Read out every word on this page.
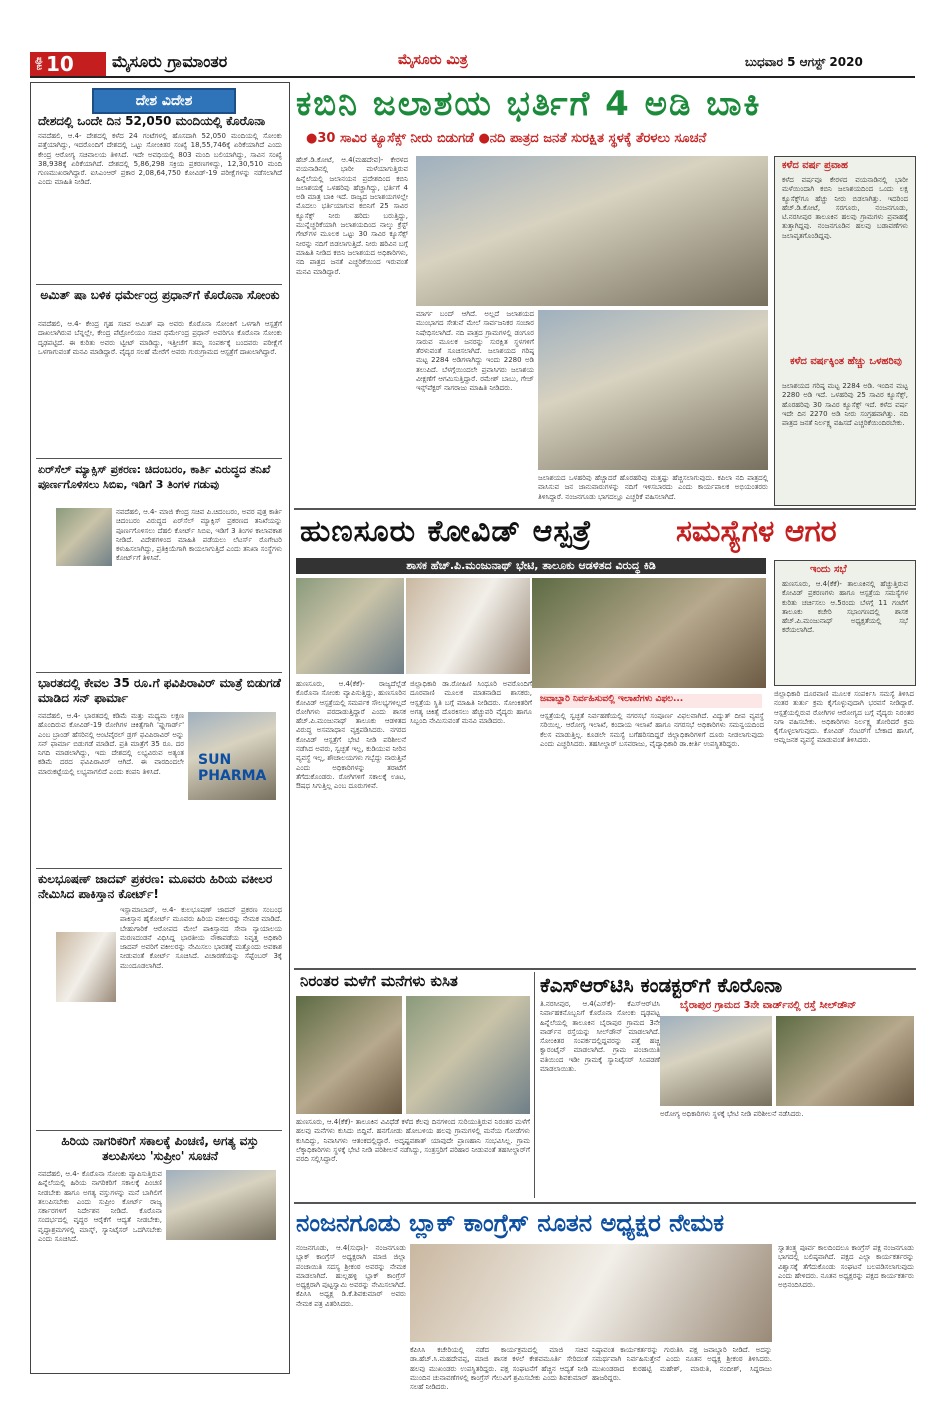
ಪುಟ 10 ಮೈಸೂರು ಗ್ರಾಮಾಂತರ	ಮೈಸೂರು ಮಿತ್ರ	ಬುಧವಾರ 5 ಆಗಸ್ಟ್ 2020
ದೇಶ ವಿದೇಶ
ದೇಶದಲ್ಲಿ ಒಂದೇ ದಿನ 52,050 ಮಂದಿಯಲ್ಲಿ ಕೊರೊನಾ
ನವದೆಹಲಿ, ಆ.4- ದೇಶದಲ್ಲಿ ಕಳೆದ 24 ಗಂಟೆಗಳಲ್ಲಿ ಹೊಸದಾಗಿ 52,050 ಮಂದಿಯಲ್ಲಿ ಸೋಂಕು ಪತ್ತೆಯಾಗಿದ್ದು, ಇದರೊಂದಿಗೆ ದೇಶದಲ್ಲಿ ಒಟ್ಟು ಸೋಂಕಿತರ ಸಂಖ್ಯೆ 18,55,746ಕ್ಕೆ ಏರಿಕೆಯಾಗಿದೆ ಎಂದು ಕೇಂದ್ರ ಆರೋಗ್ಯ ಸಚಿವಾಲಯ ತಿಳಿಸಿದೆ. ಇದೇ ಅವಧಿಯಲ್ಲಿ 803 ಮಂದಿ ಬಲಿಯಾಗಿದ್ದು, ಸಾವಿನ ಸಂಖ್ಯೆ 38,938ಕ್ಕೆ ಏರಿಕೆಯಾಗಿದೆ. ದೇಶದಲ್ಲಿ 5,86,298 ಸಕ್ರಿಯ ಪ್ರಕರಣಗಳಿದ್ದು, 12,30,510 ಮಂದಿ ಗುಣಮುಖರಾಗಿದ್ದಾರೆ. ಐಸಿಎಂಆರ್ ಪ್ರಕಾರ 2,08,64,750 ಕೋವಿಡ್-19 ಪರೀಕ್ಷೆಗಳನ್ನು ನಡೆಸಲಾಗಿದೆ ಎಂದು ಮಾಹಿತಿ ನೀಡಿದೆ.
ಅಮಿತ್ ಷಾ ಬಳಿಕ ಧರ್ಮೇಂದ್ರ ಪ್ರಧಾನ್‌ಗೆ ಕೊರೊನಾ ಸೋಂಕು
ನವದೆಹಲಿ, ಆ.4- ಕೇಂದ್ರ ಗೃಹ ಸಚಿವ ಅಮಿತ್ ಷಾ ಅವರು ಕೊರೊನಾ ಸೋಂಕಿಗೆ ಒಳಗಾಗಿ ಆಸ್ಪತ್ರೆಗೆ ದಾಖಲಾಗಿರುವ ಬೆನ್ನಲ್ಲೇ, ಕೇಂದ್ರ ಪೆಟ್ರೋಲಿಯಂ ಸಚಿವ ಧರ್ಮೇಂದ್ರ ಪ್ರಧಾನ್ ಅವರಿಗೂ ಕೊರೊನಾ ಸೋಂಕು ದೃಢಪಟ್ಟಿದೆ. ಈ ಕುರಿತು ಅವರು ಟ್ವೀಟ್ ಮಾಡಿದ್ದು, ಇತ್ತೀಚೆಗೆ ತಮ್ಮ ಸಂಪರ್ಕಕ್ಕೆ ಬಂದವರು ಪರೀಕ್ಷೆಗೆ ಒಳಗಾಗುವಂತೆ ಮನವಿ ಮಾಡಿದ್ದಾರೆ. ವೈದ್ಯರ ಸಲಹೆ ಮೇರೆಗೆ ಅವರು ಗುರುಗ್ರಾಮದ ಆಸ್ಪತ್ರೆಗೆ ದಾಖಲಾಗಿದ್ದಾರೆ.
ಏರ್‌ಸೆಲ್ ಮ್ಯಾಕ್ಸಿಸ್ ಪ್ರಕರಣ: ಚಿದಂಬರಂ, ಕಾರ್ತಿ ವಿರುದ್ಧದ ತನಿಖೆ ಪೂರ್ಣಗೊಳಿಸಲು ಸಿಬಿಐ, ಇಡಿಗೆ 3 ತಿಂಗಳ ಗಡುವು
ನವದೆಹಲಿ, ಆ.4- ಮಾಜಿ ಕೇಂದ್ರ ಸಚಿವ ಪಿ.ಚಿದಂಬರಂ, ಅವರ ಪುತ್ರ ಕಾರ್ತಿ ಚಿದಂಬರಂ ವಿರುದ್ಧದ ಏರ್‌ಸೆಲ್ ಮ್ಯಾಕ್ಸಿಸ್ ಪ್ರಕರಣದ ತನಿಖೆಯನ್ನು ಪೂರ್ಣಗೊಳಿಸಲು ದೆಹಲಿ ಕೋರ್ಟ್ ಸಿಬಿಐ, ಇಡಿಗೆ 3 ತಿಂಗಳ ಕಾಲಾವಕಾಶ ನೀಡಿದೆ. ವಿದೇಶಗಳಿಂದ ಮಾಹಿತಿ ಪಡೆಯಲು ಲೆಟರ್ಸ್ ರೊಗೇಟರಿ ಕಳುಹಿಸಲಾಗಿದ್ದು, ಪ್ರತಿಕ್ರಿಯೆಗಾಗಿ ಕಾಯಲಾಗುತ್ತಿದೆ ಎಂದು ತನಿಖಾ ಸಂಸ್ಥೆಗಳು ಕೋರ್ಟ್‌ಗೆ ತಿಳಿಸಿವೆ.
ಭಾರತದಲ್ಲಿ ಕೇವಲ 35 ರೂ.ಗೆ ಫವಿಪಿರಾವಿರ್ ಮಾತ್ರೆ ಬಿಡುಗಡೆ ಮಾಡಿದ ಸನ್ ಫಾರ್ಮಾ
SUN PHARMA
ನವದೆಹಲಿ, ಆ.4- ಭಾರತದಲ್ಲಿ ಕಡಿಮೆ ಮತ್ತು ಮಧ್ಯಮ ಲಕ್ಷಣ ಹೊಂದಿರುವ ಕೋವಿಡ್-19 ರೋಗಿಗಳ ಚಿಕಿತ್ಸೆಗಾಗಿ 'ಫ್ಲುಗಾರ್ಡ್' ಎಂಬ ಬ್ರಾಂಡ್ ಹೆಸರಿನಲ್ಲಿ ಆಂಟಿವೈರಲ್ ಡ್ರಗ್ ಫವಿಪಿರಾವಿರ್ ಅನ್ನು ಸನ್ ಫಾರ್ಮಾ ಬಿಡುಗಡೆ ಮಾಡಿದೆ. ಪ್ರತಿ ಮಾತ್ರೆಗೆ 35 ರೂ. ದರ ನಿಗದಿ ಮಾಡಲಾಗಿದ್ದು, ಇದು ದೇಶದಲ್ಲಿ ಲಭ್ಯವಿರುವ ಅತ್ಯಂತ ಕಡಿಮೆ ದರದ ಫವಿಪಿರಾವಿರ್ ಆಗಿದೆ. ಈ ವಾರದಿಂದಲೇ ಮಾರುಕಟ್ಟೆಯಲ್ಲಿ ಲಭ್ಯವಾಗಲಿದೆ ಎಂದು ಕಂಪನಿ ತಿಳಿಸಿದೆ.
ಕುಲಭೂಷಣ್ ಜಾದವ್ ಪ್ರಕರಣ: ಮೂವರು ಹಿರಿಯ ವಕೀಲರ ನೇಮಿಸಿದ ಪಾಕಿಸ್ತಾನ ಕೋರ್ಟ್!
ಇಸ್ಲಾಮಾಬಾದ್, ಆ.4- ಕುಲಭೂಷಣ್ ಜಾದವ್ ಪ್ರಕರಣ ಸಂಬಂಧ ಪಾಕಿಸ್ತಾನ ಹೈಕೋರ್ಟ್ ಮೂವರು ಹಿರಿಯ ವಕೀಲರನ್ನು ನೇಮಕ ಮಾಡಿದೆ. ಬೇಹುಗಾರಿಕೆ ಆರೋಪದ ಮೇಲೆ ಪಾಕಿಸ್ತಾನದ ಸೇನಾ ನ್ಯಾಯಾಲಯ ಮರಣದಂಡನೆ ವಿಧಿಸಿದ್ದ ಭಾರತೀಯ ನೌಕಾಪಡೆಯ ನಿವೃತ್ತ ಅಧಿಕಾರಿ ಜಾದವ್ ಅವರಿಗೆ ವಕೀಲರನ್ನು ನೇಮಿಸಲು ಭಾರತಕ್ಕೆ ಮತ್ತೊಂದು ಅವಕಾಶ ನೀಡುವಂತೆ ಕೋರ್ಟ್ ಸೂಚಿಸಿದೆ. ವಿಚಾರಣೆಯನ್ನು ಸೆಪ್ಟೆಂಬರ್ 3ಕ್ಕೆ ಮುಂದೂಡಲಾಗಿದೆ.
ಹಿರಿಯ ನಾಗರಿಕರಿಗೆ ಸಕಾಲಕ್ಕೆ ಪಿಂಚಣಿ, ಅಗತ್ಯ ವಸ್ತು ತಲುಪಿಸಲು 'ಸುಪ್ರೀಂ' ಸೂಚನೆ
ನವದೆಹಲಿ, ಆ.4- ಕೊರೊನಾ ಸೋಂಕು ವ್ಯಾಪಿಸುತ್ತಿರುವ ಹಿನ್ನೆಲೆಯಲ್ಲಿ ಹಿರಿಯ ನಾಗರಿಕರಿಗೆ ಸಕಾಲಕ್ಕೆ ಪಿಂಚಣಿ ನೀಡಬೇಕು ಹಾಗೂ ಅಗತ್ಯ ವಸ್ತುಗಳನ್ನು ಮನೆ ಬಾಗಿಲಿಗೆ ತಲುಪಿಸಬೇಕು ಎಂದು ಸುಪ್ರೀಂ ಕೋರ್ಟ್ ರಾಜ್ಯ ಸರ್ಕಾರಗಳಿಗೆ ನಿರ್ದೇಶನ ನೀಡಿದೆ. ಕೊರೊನಾ ಸಂದರ್ಭದಲ್ಲಿ ವೃದ್ಧರ ಆರೈಕೆಗೆ ಆದ್ಯತೆ ನೀಡಬೇಕು, ವೃದ್ಧಾಶ್ರಮಗಳಲ್ಲಿ ಮಾಸ್ಕ್, ಸ್ಯಾನಿಟೈಸರ್ ಒದಗಿಸಬೇಕು ಎಂದು ಸೂಚಿಸಿದೆ.
ಕಬಿನಿ ಜಲಾಶಯ ಭರ್ತಿಗೆ 4 ಅಡಿ ಬಾಕಿ
●30 ಸಾವಿರ ಕ್ಯೂಸೆಕ್ಸ್ ನೀರು ಬಿಡುಗಡೆ ●ನದಿ ಪಾತ್ರದ ಜನತೆ ಸುರಕ್ಷಿತ ಸ್ಥಳಕ್ಕೆ ತೆರಳಲು ಸೂಚನೆ
ಹೆಚ್.ಡಿ.ಕೋಟೆ, ಆ.4(ಮಹದೇವ)- ಕೇರಳದ ವಯನಾಡಿನಲ್ಲಿ ಭಾರೀ ಮಳೆಯಾಗುತ್ತಿರುವ ಹಿನ್ನೆಲೆಯಲ್ಲಿ ಜಲಾನಯನ ಪ್ರದೇಶದಿಂದ ಕಬಿನಿ ಜಲಾಶಯಕ್ಕೆ ಒಳಹರಿವು ಹೆಚ್ಚಾಗಿದ್ದು, ಭರ್ತಿಗೆ 4 ಅಡಿ ಮಾತ್ರ ಬಾಕಿ ಇದೆ. ರಾಜ್ಯದ ಜಲಾಶಯಗಳಲ್ಲೇ ಮೊದಲು ಭರ್ತಿಯಾಗುವ ಕಬಿನಿಗೆ 25 ಸಾವಿರ ಕ್ಯೂಸೆಕ್ಸ್ ನೀರು ಹರಿದು ಬರುತ್ತಿದ್ದು, ಮುನ್ನೆಚ್ಚರಿಕೆಯಾಗಿ ಜಲಾಶಯದಿಂದ ನಾಲ್ಕು ಕ್ರೆಸ್ಟ್ ಗೇಟ್‌ಗಳ ಮೂಲಕ ಒಟ್ಟು 30 ಸಾವಿರ ಕ್ಯೂಸೆಕ್ಸ್ ನೀರನ್ನು ನದಿಗೆ ಬಿಡಲಾಗುತ್ತಿದೆ. ನೀರು ಹರಿವಿನ ಬಗ್ಗೆ ಮಾಹಿತಿ ನೀಡಿದ ಕಬಿನಿ ಜಲಾಶಯದ ಅಧಿಕಾರಿಗಳು, ನದಿ ಪಾತ್ರದ ಜನತೆ ಎಚ್ಚರಿಕೆಯಿಂದ ಇರುವಂತೆ ಮನವಿ ಮಾಡಿದ್ದಾರೆ.
ಮಾರ್ಗ ಬಂದ್ ಆಗಿದೆ. ಅಲ್ಲದೆ ಜಲಾಶಯದ ಮುಂಭಾಗದ ಸೇತುವೆ ಮೇಲೆ ಸಾರ್ವಜನಿಕರ ಸಂಚಾರ ನಿಷೇಧಿಸಲಾಗಿದೆ. ನದಿ ಪಾತ್ರದ ಗ್ರಾಮಗಳಲ್ಲಿ ಡಂಗೂರ ಸಾರುವ ಮೂಲಕ ಜನರನ್ನು ಸುರಕ್ಷಿತ ಸ್ಥಳಗಳಿಗೆ ತೆರಳುವಂತೆ ಸೂಚಿಸಲಾಗಿದೆ. ಜಲಾಶಯದ ಗರಿಷ್ಠ ಮಟ್ಟ 2284 ಅಡಿಗಳಾಗಿದ್ದು ಇಂದು 2280 ಅಡಿ ತಲುಪಿದೆ. ಬೆಳಗ್ಗೆಯಿಂದಲೇ ಪ್ರವಾಸಿಗರು ಜಲಾಶಯ ವೀಕ್ಷಣೆಗೆ ಆಗಮಿಸುತ್ತಿದ್ದಾರೆ. ರಮೇಶ್ ಬಾಬು, ಗೇಜ್ ಇನ್ಸ್‌ಪೆಕ್ಟರ್ ನಾಗರಾಜು ಮಾಹಿತಿ ನೀಡಿದರು.
ಜಲಾಶಯದ ಒಳಹರಿವು ಹೆಚ್ಚಾದರೆ ಹೊರಹರಿವು ಮತ್ತಷ್ಟು ಹೆಚ್ಚಿಸಲಾಗುವುದು. ಕಪಿಲಾ ನದಿ ಪಾತ್ರದಲ್ಲಿ ವಾಸಿಸುವ ಜನ ಜಾನುವಾರುಗಳನ್ನು ನದಿಗೆ ಇಳಿಸಬಾರದು ಎಂದು ಕಾರ್ಯಪಾಲಕ ಅಭಿಯಂತರರು ತಿಳಿಸಿದ್ದಾರೆ. ನಂಜನಗೂಡು ಭಾಗದಲ್ಲೂ ಎಚ್ಚರಿಕೆ ವಹಿಸಲಾಗಿದೆ.
ಕಳೆದ ವರ್ಷ ಪ್ರವಾಹ
ಕಳೆದ ವರ್ಷವೂ ಕೇರಳದ ವಯನಾಡಿನಲ್ಲಿ ಭಾರೀ ಮಳೆಯಿಂದಾಗಿ ಕಬಿನಿ ಜಲಾಶಯದಿಂದ ಒಂದು ಲಕ್ಷ ಕ್ಯೂಸೆಕ್ಸ್‌ಗೂ ಹೆಚ್ಚು ನೀರು ಬಿಡಲಾಗಿತ್ತು. ಇದರಿಂದ ಹೆಚ್.ಡಿ.ಕೋಟೆ, ಸರಗೂರು, ನಂಜನಗೂಡು, ಟಿ.ನರಸೀಪುರ ತಾಲೂಕಿನ ಹಲವು ಗ್ರಾಮಗಳು ಪ್ರವಾಹಕ್ಕೆ ತುತ್ತಾಗಿದ್ದವು. ನಂಜನಗೂಡಿನ ಹಲವು ಬಡಾವಣೆಗಳು ಜಲಾವೃತಗೊಂಡಿದ್ದವು.
ಕಳೆದ ವರ್ಷಕ್ಕಿಂತ ಹೆಚ್ಚು ಒಳಹರಿವು
ಜಲಾಶಯದ ಗರಿಷ್ಠ ಮಟ್ಟ 2284 ಅಡಿ. ಇಂದಿನ ಮಟ್ಟ 2280 ಅಡಿ ಇದೆ. ಒಳಹರಿವು 25 ಸಾವಿರ ಕ್ಯೂಸೆಕ್ಸ್, ಹೊರಹರಿವು 30 ಸಾವಿರ ಕ್ಯೂಸೆಕ್ಸ್ ಇದೆ. ಕಳೆದ ವರ್ಷ ಇದೇ ದಿನ 2270 ಅಡಿ ನೀರು ಸಂಗ್ರಹವಾಗಿತ್ತು. ನದಿ ಪಾತ್ರದ ಜನತೆ ನಿರ್ಲಕ್ಷ್ಯ ವಹಿಸದೆ ಎಚ್ಚರಿಕೆಯಿಂದಿರಬೇಕು.
ಹುಣಸೂರು ಕೋವಿಡ್ ಆಸ್ಪತ್ರೆ	ಸಮಸ್ಯೆಗಳ ಆಗರ
ಶಾಸಕ ಹೆಚ್.ಪಿ.ಮಂಜುನಾಥ್ ಭೇಟಿ, ತಾಲೂಕು ಆಡಳಿತದ ವಿರುದ್ಧ ಕಿಡಿ
ಜವಾಬ್ದಾರಿ ನಿರ್ವಹಿಸುವಲ್ಲಿ ಇಲಾಖೆಗಳು ವಿಫಲ...
ಹುಣಸೂರು, ಆ.4(ಕೆಕೆ)- ರಾಜ್ಯದೆಲ್ಲೆಡೆ ಕೊರೊನಾ ಸೋಂಕು ವ್ಯಾಪಿಸುತ್ತಿದ್ದು, ಹುಣಸೂರಿನ ಕೋವಿಡ್ ಆಸ್ಪತ್ರೆಯಲ್ಲಿ ಸಮರ್ಪಕ ಸೌಲಭ್ಯಗಳಿಲ್ಲದೆ ರೋಗಿಗಳು ಪರದಾಡುತ್ತಿದ್ದಾರೆ ಎಂದು ಶಾಸಕ ಹೆಚ್.ಪಿ.ಮಂಜುನಾಥ್ ತಾಲೂಕು ಆಡಳಿತದ ವಿರುದ್ಧ ಅಸಮಾಧಾನ ವ್ಯಕ್ತಪಡಿಸಿದರು. ನಗರದ ಕೋವಿಡ್ ಆಸ್ಪತ್ರೆಗೆ ಭೇಟಿ ನೀಡಿ ಪರಿಶೀಲನೆ ನಡೆಸಿದ ಅವರು, ಸ್ವಚ್ಛತೆ ಇಲ್ಲ, ಕುಡಿಯುವ ನೀರಿನ ವ್ಯವಸ್ಥೆ ಇಲ್ಲ, ಶೌಚಾಲಯಗಳು ಗಬ್ಬೆದ್ದು ನಾರುತ್ತಿವೆ ಎಂದು ಅಧಿಕಾರಿಗಳನ್ನು ತರಾಟೆಗೆ ತೆಗೆದುಕೊಂಡರು. ರೋಗಿಗಳಿಗೆ ಸಕಾಲಕ್ಕೆ ಊಟ, ಔಷಧ ಸಿಗುತ್ತಿಲ್ಲ ಎಂಬ ದೂರುಗಳಿವೆ.
ಜಿಲ್ಲಾಧಿಕಾರಿ ಡಾ.ರೋಹಿಣಿ ಸಿಂಧೂರಿ ಅವರೊಂದಿಗೆ ದೂರವಾಣಿ ಮೂಲಕ ಮಾತನಾಡಿದ ಶಾಸಕರು, ಆಸ್ಪತ್ರೆಯ ಸ್ಥಿತಿ ಬಗ್ಗೆ ಮಾಹಿತಿ ನೀಡಿದರು. ಸೋಂಕಿತರಿಗೆ ಅಗತ್ಯ ಚಿಕಿತ್ಸೆ ದೊರಕಿಸಲು ಹೆಚ್ಚುವರಿ ವೈದ್ಯರು ಹಾಗೂ ಸಿಬ್ಬಂದಿ ನೇಮಿಸುವಂತೆ ಮನವಿ ಮಾಡಿದರು.
ಆಸ್ಪತ್ರೆಯಲ್ಲಿ ಸ್ವಚ್ಛತೆ ನಿರ್ವಹಣೆಯಲ್ಲಿ ನಗರಸಭೆ ಸಂಪೂರ್ಣ ವಿಫಲವಾಗಿದೆ. ವಿದ್ಯುತ್ ದೀಪ ವ್ಯವಸ್ಥೆ ಸರಿಯಿಲ್ಲ. ಆರೋಗ್ಯ ಇಲಾಖೆ, ಕಂದಾಯ ಇಲಾಖೆ ಹಾಗೂ ನಗರಸಭೆ ಅಧಿಕಾರಿಗಳು ಸಮನ್ವಯದಿಂದ ಕೆಲಸ ಮಾಡುತ್ತಿಲ್ಲ. ಕೂಡಲೇ ಸಮಸ್ಯೆ ಬಗೆಹರಿಸದಿದ್ದರೆ ಜಿಲ್ಲಾಧಿಕಾರಿಗಳಿಗೆ ದೂರು ನೀಡಲಾಗುವುದು ಎಂದು ಎಚ್ಚರಿಸಿದರು. ತಹಸೀಲ್ದಾರ್ ಬಸವರಾಜು, ವೈದ್ಯಾಧಿಕಾರಿ ಡಾ.ಕೀರ್ತಿ ಉಪಸ್ಥಿತರಿದ್ದರು.
ಇಂದು ಸಭೆ
ಹುಣಸೂರು, ಆ.4(ಕೆಕೆ)- ತಾಲೂಕಿನಲ್ಲಿ ಹೆಚ್ಚುತ್ತಿರುವ ಕೋವಿಡ್ ಪ್ರಕರಣಗಳು ಹಾಗೂ ಆಸ್ಪತ್ರೆಯ ಸಮಸ್ಯೆಗಳ ಕುರಿತು ಚರ್ಚಿಸಲು ಆ.5ರಂದು ಬೆಳಗ್ಗೆ 11 ಗಂಟೆಗೆ ತಾಲೂಕು ಕಚೇರಿ ಸಭಾಂಗಣದಲ್ಲಿ ಶಾಸಕ ಹೆಚ್.ಪಿ.ಮಂಜುನಾಥ್ ಅಧ್ಯಕ್ಷತೆಯಲ್ಲಿ ಸಭೆ ಕರೆಯಲಾಗಿದೆ.
ಜಿಲ್ಲಾಧಿಕಾರಿ ದೂರವಾಣಿ ಮೂಲಕ ಸಂಪರ್ಕಿಸಿ ಸಮಸ್ಯೆ ತಿಳಿಸಿದ ನಂತರ ತುರ್ತು ಕ್ರಮ ಕೈಗೊಳ್ಳುವುದಾಗಿ ಭರವಸೆ ನೀಡಿದ್ದಾರೆ. ಆಸ್ಪತ್ರೆಯಲ್ಲಿರುವ ರೋಗಿಗಳ ಆರೋಗ್ಯದ ಬಗ್ಗೆ ವೈದ್ಯರು ನಿರಂತರ ನಿಗಾ ವಹಿಸಬೇಕು. ಅಧಿಕಾರಿಗಳು ನಿರ್ಲಕ್ಷ್ಯ ತೋರಿದರೆ ಕ್ರಮ ಕೈಗೊಳ್ಳಲಾಗುವುದು. ಕೋವಿಡ್ ಸೆಂಟರ್‌ಗೆ ಬೇಕಾದ ಹಾಸಿಗೆ, ಆಮ್ಲಜನಕ ವ್ಯವಸ್ಥೆ ಮಾಡುವಂತೆ ತಿಳಿಸಿದರು.
ನಿರಂತರ ಮಳೆಗೆ ಮನೆಗಳು ಕುಸಿತ
ಹುಣಸೂರು, ಆ.4(ಕೆಕೆ)- ತಾಲೂಕಿನ ವಿವಿಧೆಡೆ ಕಳೆದ ಕೆಲವು ದಿನಗಳಿಂದ ಸುರಿಯುತ್ತಿರುವ ನಿರಂತರ ಮಳೆಗೆ ಹಲವು ಮನೆಗಳು ಕುಸಿದು ಬಿದ್ದಿವೆ. ಹನಗೋಡು ಹೋಬಳಿಯ ಹಲವು ಗ್ರಾಮಗಳಲ್ಲಿ ಮನೆಯ ಗೋಡೆಗಳು ಕುಸಿದಿದ್ದು, ನಿವಾಸಿಗಳು ಆತಂಕದಲ್ಲಿದ್ದಾರೆ. ಅದೃಷ್ಟವಶಾತ್ ಯಾವುದೇ ಪ್ರಾಣಹಾನಿ ಸಂಭವಿಸಿಲ್ಲ. ಗ್ರಾಮ ಲೆಕ್ಕಾಧಿಕಾರಿಗಳು ಸ್ಥಳಕ್ಕೆ ಭೇಟಿ ನೀಡಿ ಪರಿಶೀಲನೆ ನಡೆಸಿದ್ದು, ಸಂತ್ರಸ್ತರಿಗೆ ಪರಿಹಾರ ನೀಡುವಂತೆ ತಹಸೀಲ್ದಾರ್‌ಗೆ ವರದಿ ಸಲ್ಲಿಸಿದ್ದಾರೆ.
ಕೆಎಸ್ಆರ್‌ಟಿಸಿ ಕಂಡಕ್ಟರ್‌ಗೆ ಕೊರೊನಾ
ಬೈರಾಪುರ ಗ್ರಾಮದ 3ನೇ ವಾರ್ಡ್‌ನಲ್ಲಿ ರಸ್ತೆ ಸೀಲ್‌ಡೌನ್
ತಿ.ನರಸೀಪುರ, ಆ.4(ಎಸ್‌ಕೆ)- ಕೆಎಸ್‌ಆರ್‌ಟಿಸಿ ನಿರ್ವಾಹಕನೊಬ್ಬನಿಗೆ ಕೊರೊನಾ ಸೋಂಕು ದೃಢಪಟ್ಟ ಹಿನ್ನೆಲೆಯಲ್ಲಿ ತಾಲೂಕಿನ ಬೈರಾಪುರ ಗ್ರಾಮದ 3ನೇ ವಾರ್ಡ್‌ನ ರಸ್ತೆಯನ್ನು ಸೀಲ್‌ಡೌನ್ ಮಾಡಲಾಗಿದೆ. ಸೋಂಕಿತರ ಸಂಪರ್ಕದಲ್ಲಿದ್ದವರನ್ನು ಪತ್ತೆ ಹಚ್ಚಿ ಕ್ವಾರಂಟೈನ್ ಮಾಡಲಾಗಿದೆ. ಗ್ರಾಮ ಪಂಚಾಯಿತಿ ವತಿಯಿಂದ ಇಡೀ ಗ್ರಾಮಕ್ಕೆ ಸ್ಯಾನಿಟೈಸರ್ ಸಿಂಪಡಣೆ ಮಾಡಲಾಯಿತು.
ಅರೋಗ್ಯ ಅಧಿಕಾರಿಗಳು ಸ್ಥಳಕ್ಕೆ ಭೇಟಿ ನೀಡಿ ಪರಿಶೀಲನೆ ನಡೆಸಿದರು.
ನಂಜನಗೂಡು ಬ್ಲಾಕ್ ಕಾಂಗ್ರೆಸ್ ನೂತನ ಅಧ್ಯಕ್ಷರ ನೇಮಕ
ನಂಜನಗೂಡು, ಆ.4(ಸುಧಾ)- ನಂಜನಗೂಡು ಬ್ಲಾಕ್ ಕಾಂಗ್ರೆಸ್ ಅಧ್ಯಕ್ಷರಾಗಿ ಮಾಜಿ ಜಿಲ್ಲಾ ಪಂಚಾಯಿತಿ ಸದಸ್ಯ ಶ್ರೀಕಂಠ ಅವರನ್ನು ನೇಮಕ ಮಾಡಲಾಗಿದೆ. ಹುಲ್ಲಹಳ್ಳಿ ಬ್ಲಾಕ್ ಕಾಂಗ್ರೆಸ್ ಅಧ್ಯಕ್ಷರಾಗಿ ಪುಟ್ಟಸ್ವಾಮಿ ಅವರನ್ನು ನೇಮಿಸಲಾಗಿದೆ. ಕೆಪಿಸಿಸಿ ಅಧ್ಯಕ್ಷ ಡಿ.ಕೆ.ಶಿವಕುಮಾರ್ ಅವರು ನೇಮಕ ಪತ್ರ ವಿತರಿಸಿದರು.
ಕೆಪಿಸಿಸಿ ಕಚೇರಿಯಲ್ಲಿ ನಡೆದ ಕಾರ್ಯಕ್ರಮದಲ್ಲಿ ಮಾಜಿ ಸಚಿವ ಡಾ.ಹೆಚ್.ಸಿ.ಮಹದೇವಪ್ಪ, ಮಾಜಿ ಶಾಸಕ ಕಳಲೆ ಕೇಶವಮೂರ್ತಿ ಸೇರಿದಂತೆ ಹಲವು ಮುಖಂಡರು ಉಪಸ್ಥಿತರಿದ್ದರು. ಪಕ್ಷ ಸಂಘಟನೆಗೆ ಹೆಚ್ಚಿನ ಆದ್ಯತೆ ನೀಡಿ ಮುಂದಿನ ಚುನಾವಣೆಗಳಲ್ಲಿ ಕಾಂಗ್ರೆಸ್ ಗೆಲುವಿಗೆ ಶ್ರಮಿಸಬೇಕು ಎಂದು ಶಿವಕುಮಾರ್ ಸಲಹೆ ನೀಡಿದರು.
ನಿಷ್ಠಾವಂತ ಕಾರ್ಯಕರ್ತರನ್ನು ಗುರುತಿಸಿ ಪಕ್ಷ ಜವಾಬ್ದಾರಿ ನೀಡಿದೆ. ಅದನ್ನು ಸಮರ್ಥವಾಗಿ ನಿರ್ವಹಿಸುತ್ತೇನೆ ಎಂದು ನೂತನ ಅಧ್ಯಕ್ಷ ಶ್ರೀಕಂಠ ತಿಳಿಸಿದರು. ಮುಖಂಡರಾದ ಕುರಹಟ್ಟಿ ಮಹೇಶ್, ಮಾರುತಿ, ನಂದೀಶ್, ಸಿದ್ದರಾಜು ಹಾಜರಿದ್ದರು.
ಸ್ವಾತಂತ್ರ್ಯ ಪೂರ್ವ ಕಾಲದಿಂದಲೂ ಕಾಂಗ್ರೆಸ್ ಪಕ್ಷ ನಂಜನಗೂಡು ಭಾಗದಲ್ಲಿ ಬಲಿಷ್ಠವಾಗಿದೆ. ಪಕ್ಷದ ಎಲ್ಲಾ ಕಾರ್ಯಕರ್ತರನ್ನು ವಿಶ್ವಾಸಕ್ಕೆ ತೆಗೆದುಕೊಂಡು ಸಂಘಟನೆ ಬಲಪಡಿಸಲಾಗುವುದು ಎಂದು ಹೇಳಿದರು. ನೂತನ ಅಧ್ಯಕ್ಷರನ್ನು ಪಕ್ಷದ ಕಾರ್ಯಕರ್ತರು ಅಭಿನಂದಿಸಿದರು.
